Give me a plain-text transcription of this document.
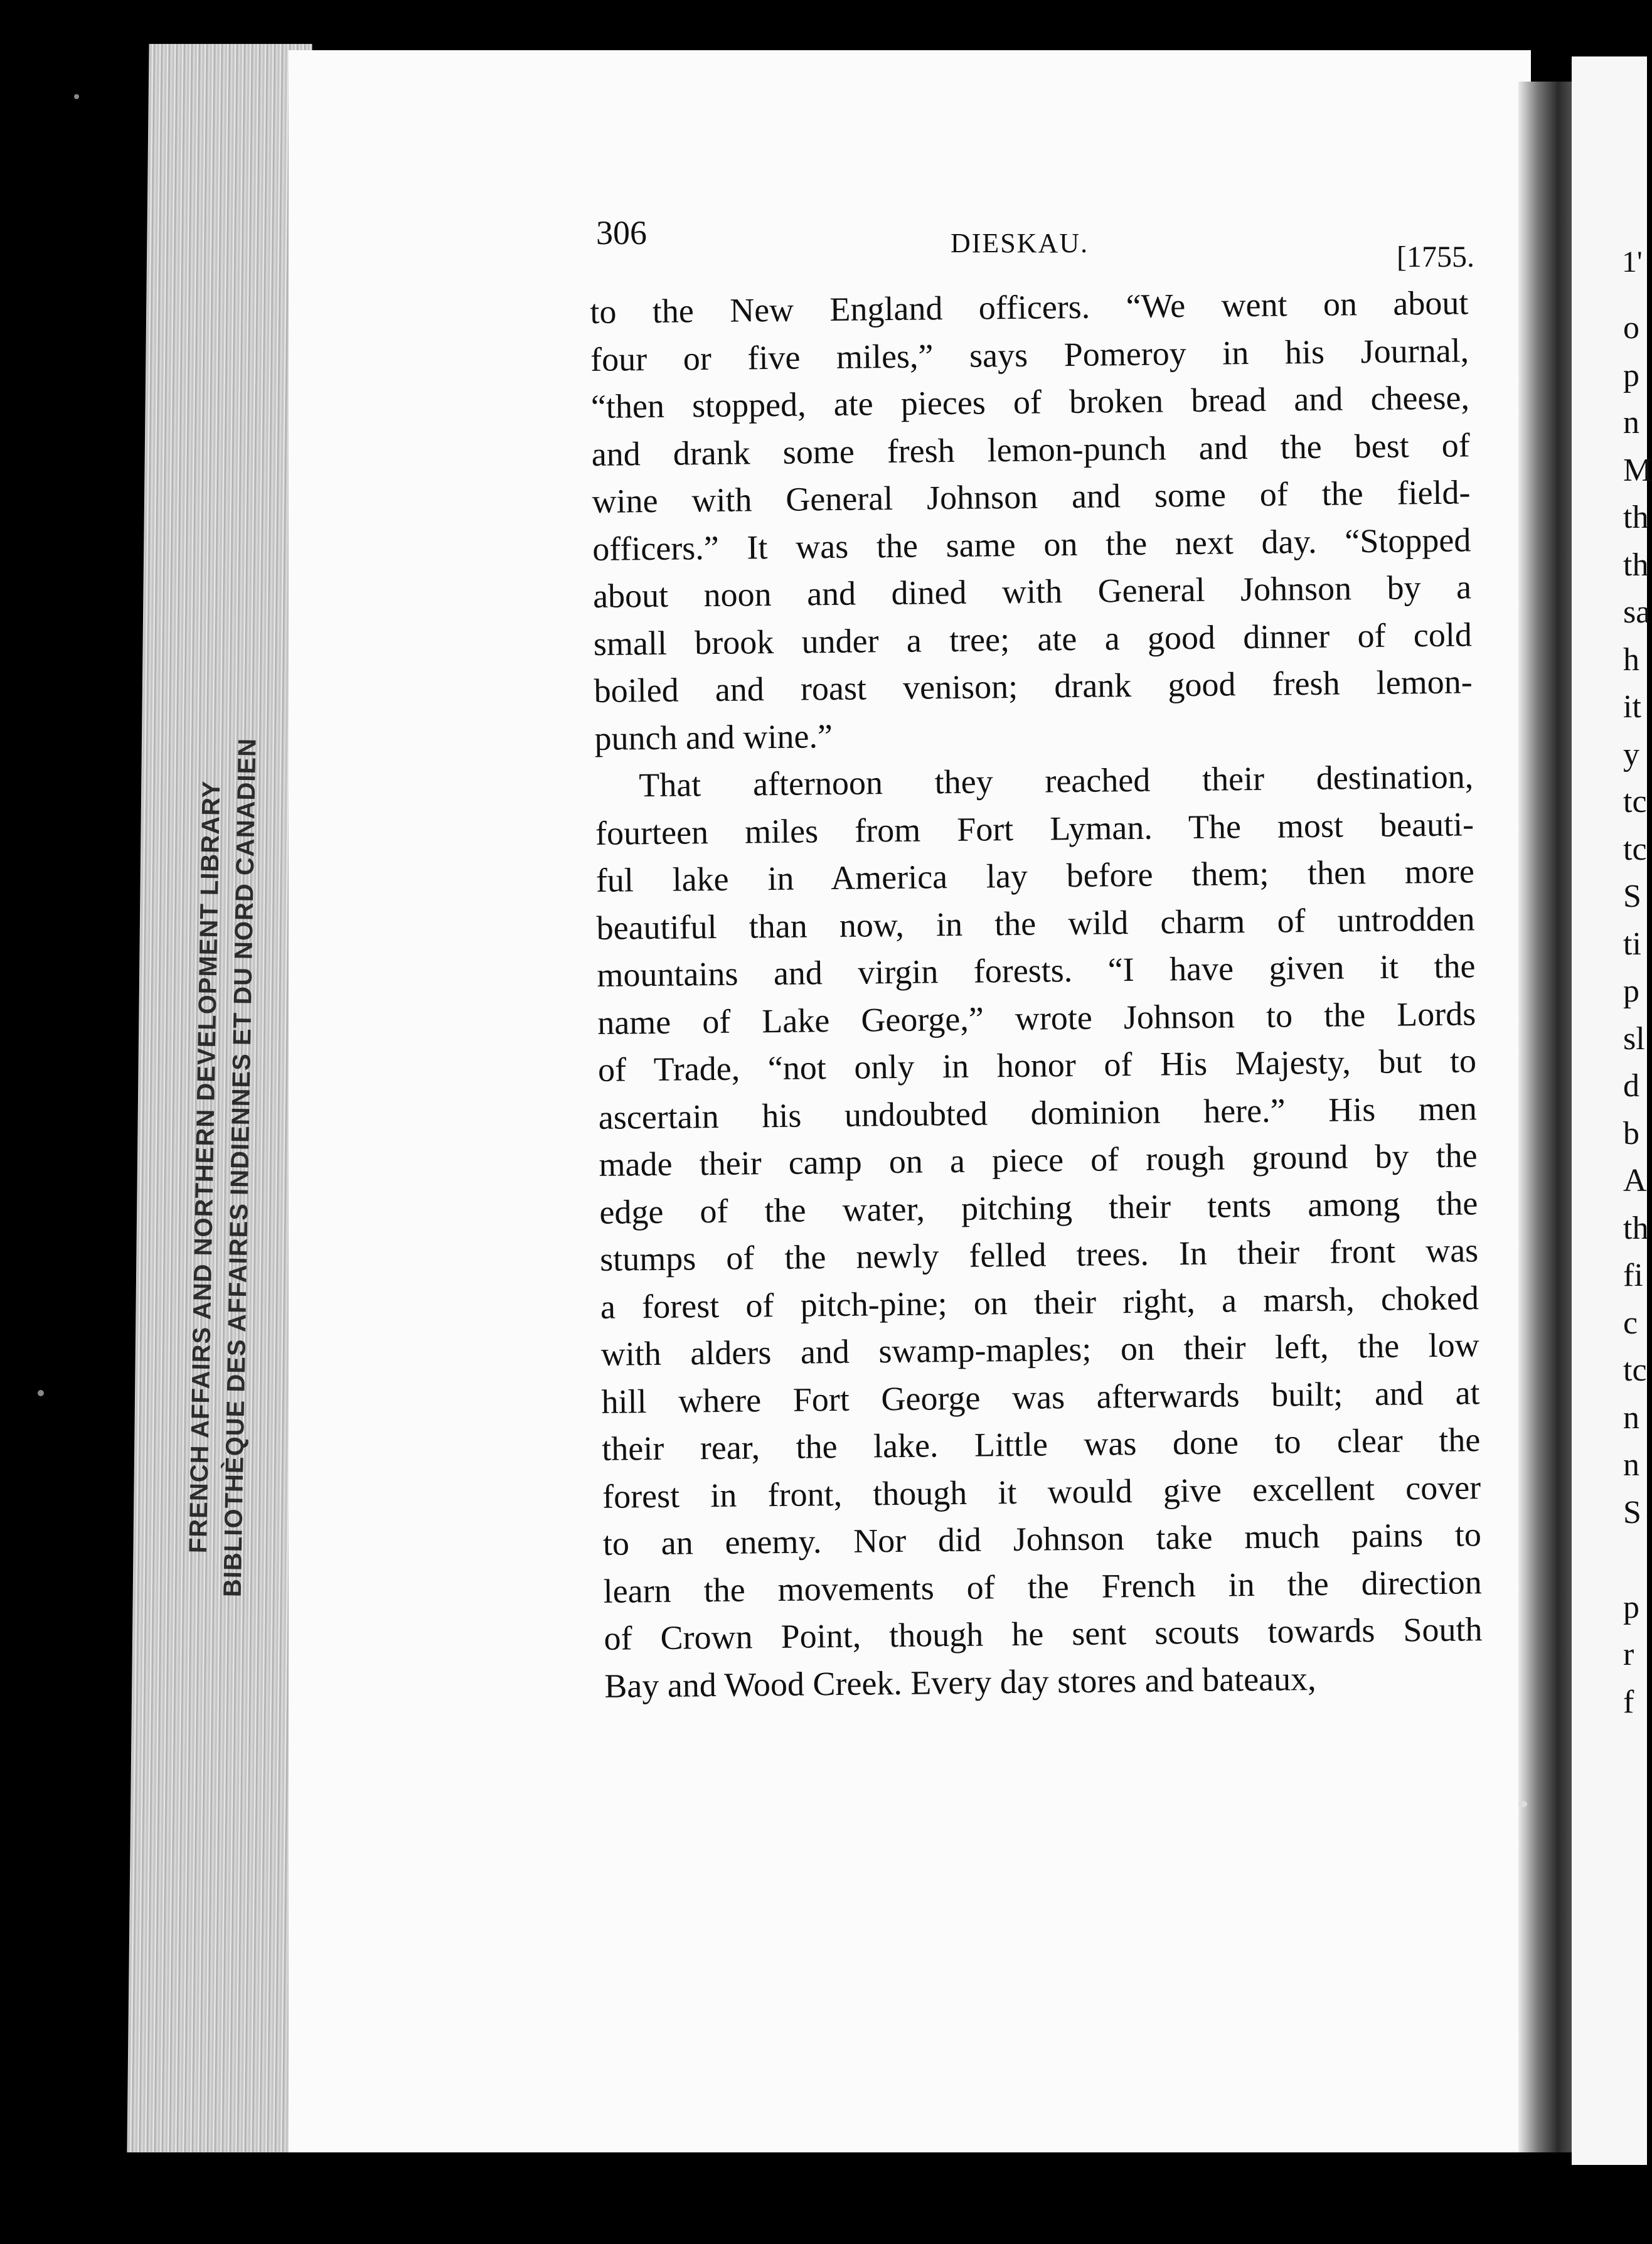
FRENCH AFFAIRS AND NORTHERN DEVELOPMENT LIBRARY
BIBLIOTHÈQUE DES AFFAIRES INDIENNES ET DU NORD CANADIEN
1'
o
p
n
M
th
th
sa
h
it
y
tc
tc
S
ti
p
sl
d
b
A
th
fi
c
tc
n
n
S
p
r
f
306	DIESKAU.	[1755.
to the New England officers. “We went on about
four or five miles,” says Pomeroy in his Journal,
“then stopped, ate pieces of broken bread and cheese,
and drank some fresh lemon-punch and the best of
wine with General Johnson and some of the field-
officers.” It was the same on the next day. “Stopped
about noon and dined with General Johnson by a
small brook under a tree; ate a good dinner of cold
boiled and roast venison; drank good fresh lemon-
punch and wine.”
That afternoon they reached their destination,
fourteen miles from Fort Lyman. The most beauti-
ful lake in America lay before them; then more
beautiful than now, in the wild charm of untrodden
mountains and virgin forests. “I have given it the
name of Lake George,” wrote Johnson to the Lords
of Trade, “not only in honor of His Majesty, but to
ascertain his undoubted dominion here.” His men
made their camp on a piece of rough ground by the
edge of the water, pitching their tents among the
stumps of the newly felled trees. In their front was
a forest of pitch-pine; on their right, a marsh, choked
with alders and swamp-maples; on their left, the low
hill where Fort George was afterwards built; and at
their rear, the lake. Little was done to clear the
forest in front, though it would give excellent cover
to an enemy. Nor did Johnson take much pains to
learn the movements of the French in the direction
of Crown Point, though he sent scouts towards South
Bay and Wood Creek. Every day stores and bateaux,
